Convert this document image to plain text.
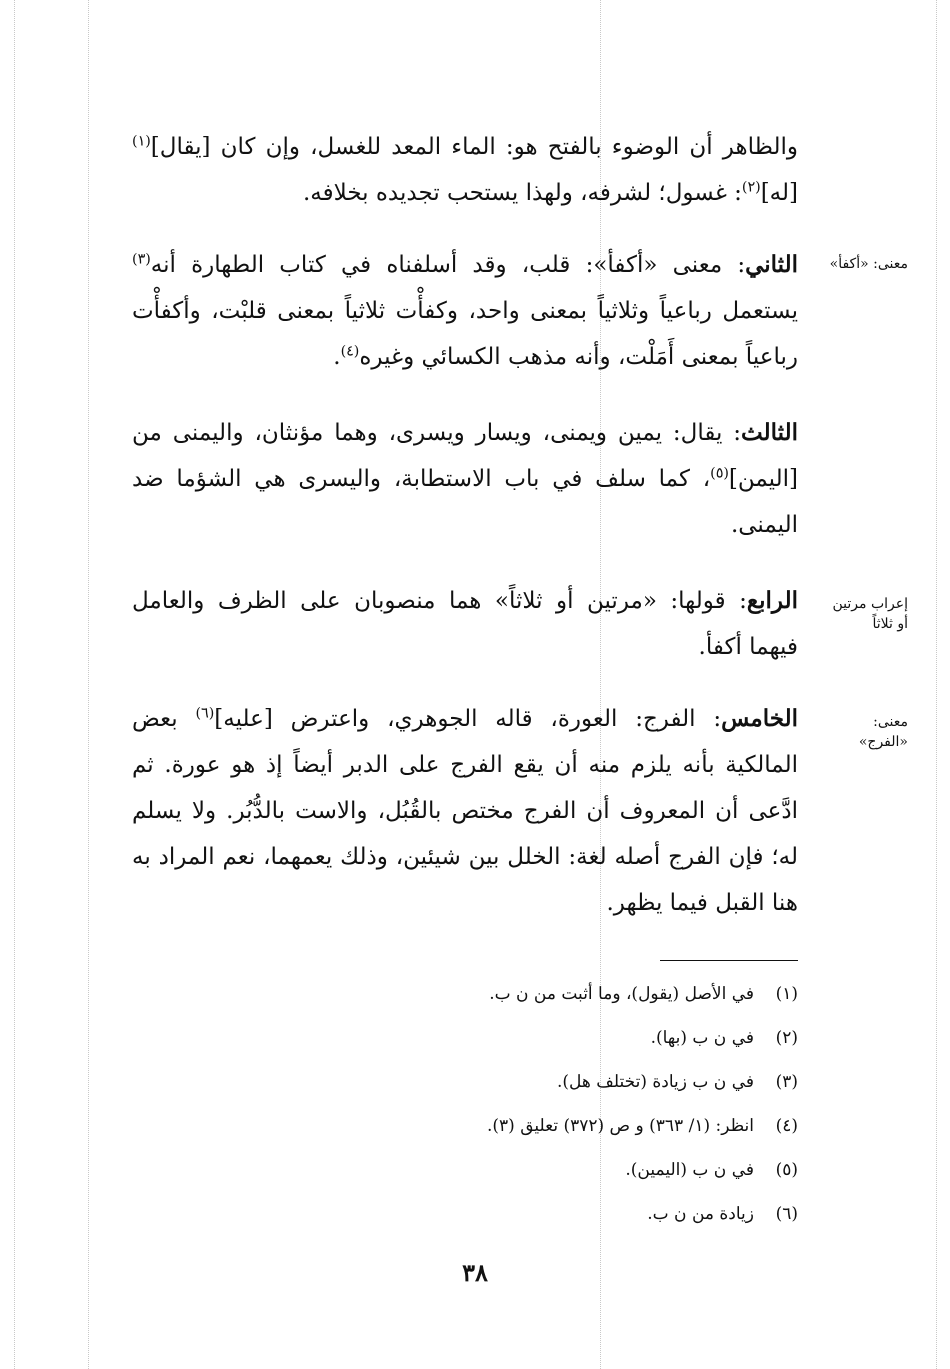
والظاهر أن الوضوء بالفتح هو: الماء المعد للغسل، وإن كان [يقال]$^{(١)}$ [له]$^{(٢)}$: غسول؛ لشرفه، ولهذا يستحب تجديده بخلافه.

الثاني: معنى «أكفأ»: قلب، وقد أسلفناه في كتاب الطهارة أنه$^{(٣)}$ يستعمل رباعياً وثلاثياً بمعنى واحد، وكفأْت ثلاثياً بمعنى قلبْت، وأكفأْت رباعياً بمعنى أَمَلْت، وأنه مذهب الكسائي وغيره$^{(٤)}$.

الثالث: يقال: يمين ويمنى، ويسار ويسرى، وهما مؤنثان، واليمنى من [اليمن]$^{(٥)}$، كما سلف في باب الاستطابة، واليسرى هي الشؤما ضد اليمنى.

الرابع: قولها: «مرتين أو ثلاثاً» هما منصوبان على الظرف والعامل فيهما أكفأ.

الخامس: الفرج: العورة، قاله الجوهري، واعترض [عليه]$^{(٦)}$ بعض المالكية بأنه يلزم منه أن يقع الفرج على الدبر أيضاً إذ هو عورة. ثم ادَّعى أن المعروف أن الفرج مختص بالقُبُل، والاست بالدُّبُر. ولا يسلم له؛ فإن الفرج أصله لغة: الخلل بين شيئين، وذلك يعمهما، نعم المراد به هنا القبل فيما يظهر.

معنى: «أكفأ»
إعراب مرتين
أو ثلاثاً
معنى:
«الفرج»
(١)في الأصل (يقول)، وما أثبت من ن ب.
(٢)في ن ب (بها).
(٣)في ن ب زيادة (تختلف هل).
(٤)انظر: (١/ ٣٦٣) و ص (٣٧٢) تعليق (٣).
(٥)في ن ب (اليمين).
(٦)زيادة من ن ب.
٣٨
